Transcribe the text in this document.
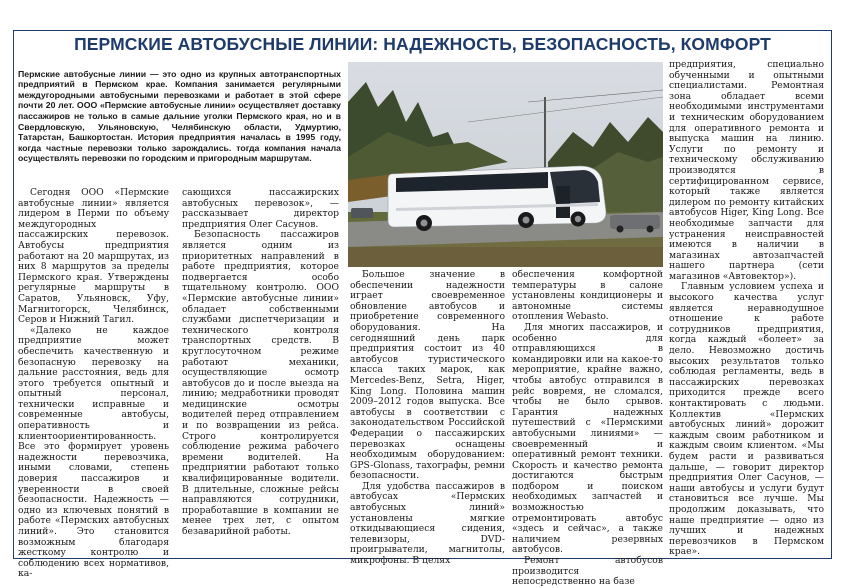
ПЕРМСКИЕ АВТОБУСНЫЕ ЛИНИИ: НАДЕЖНОСТЬ, БЕЗОПАСНОСТЬ, КОМФОРТ

Пермские автобусные линии — это одно из крупных автотранспортных предприятий в Пермском крае. Компания занимается регулярными междугородными автобусными перевозками и работает в этой сфере почти 20 лет. ООО «Пермские автобусные линии» осуществляет доставку пассажиров не только в самые дальние уголки Пермского края, но и в Свердловскую, Ульяновскую, Челябинскую области, Удмуртию, Татарстан, Башкортостан. История предприятия началась в 1995 году, когда частные перевозки только зарождались. тогда компания начала осуществлять перевозки по городским и пригородным маршрутам.

Сегодня ООО «Пермские автобусные линии» является лидером в Перми по объему междугородных пассажирских перевозок. Автобусы предприятия работают на 20 маршрутах, из них 8 маршрутов за пределы Пермского края. Утверждены регулярные маршруты в Саратов, Ульяновск, Уфу, Магнитогорск, Челябинск, Серов и Нижний Тагил.

«Далеко не каждое предприятие может обеспечить качественную и безопасную перевозку на дальние расстояния, ведь для этого требуется опытный и опытный персонал, технически исправные и современные автобусы, оперативность и клиентоориентированность. Все это формирует уровень надежности перевозчика, иными словами, степень доверия пассажиров и уверенности в своей безопасности. Надежность — одно из ключевых понятий в работе «Пермских автобусных линий». Это становится возможным благодаря жесткому контролю и соблюдению всех нормативов, ка-

сающихся пассажирских автобусных перевозок», — рассказывает директор предприятия Олег Сасунов.

Безопасность пассажиров является одним из приоритетных направлений в работе предприятия, которое подвергается особо тщательному контролю. ООО «Пермские автобусные линии» обладает собственными службами диспетчеризации и технического контроля транспортных средств. В круглосуточном режиме работают механики, осуществляющие осмотр автобусов до и после выезда на линию; медработники проводят медицинские осмотры водителей перед отправлением и по возвращении из рейса. Строго контролируется соблюдение режима рабочего времени водителей. На предприятии работают только квалифицированные водители. В длительные, сложные рейсы направляются сотрудники, проработавшие в компании не менее трех лет, с опытом безаварийной работы.

Большое значение в обеспечении надежности играет своевременное обновление автобусов и приобретение современного оборудования. На сегодняшний день парк предприятия состоит из 40 автобусов туристического класса таких марок, как Mercedes-Benz, Setra, Higer, King Long. Половина машин 2009–2012 годов выпуска. Все автобусы в соответствии с законодательством Российской Федерации о пассажирских перевозках оснащены необходимым оборудованием: GPS-Glonass, тахографы, ремни безопасности.

Для удобства пассажиров в автобусах «Пермских автобусных линий» установлены мягкие откидывающиеся сидения, телевизоры, DVD-проигрыватели, магнитолы, микрофоны. В целях

обеспечения комфортной температуры в салоне установлены кондиционеры и автономные системы отопления Webasto.

Для многих пассажиров, и особенно для отправляющихся в командировки или на какое-то мероприятие, крайне важно, чтобы автобус отправился в рейс вовремя, не сломался, чтобы не было срывов. Гарантия надежных путешествий с «Пермскими автобусными линиями» — своевременный и оперативный ремонт техники. Скорость и качество ремонта достигаются быстрым подбором и поиском необходимых запчастей и возможностью отремонтировать автобус «здесь и сейчас», а также наличием резервных автобусов.

Ремонт автобусов производится непосредственно на базе

предприятия, специально обученными и опытными специалистами. Ремонтная зона обладает всеми необходимыми инструментами и техническим оборудованием для оперативного ремонта и выпуска машин на линию. Услуги по ремонту и техническому обслуживанию производятся в сертифицированном сервисе, который также является дилером по ремонту китайских автобусов Higer, King Long. Все необходимые запчасти для устранения неисправностей имеются в наличии в магазинах автозапчастей нашего партнера (сети магазинов «Автовектор»).

Главным условием успеха и высокого качества услуг является неравнодушное отношение к работе сотрудников предприятия, когда каждый «болеет» за дело. Невозможно достичь высоких результатов только соблюдая регламенты, ведь в пассажирских перевозках приходится прежде всего контактировать с людьми. Коллектив «Пермских автобусных линий» дорожит каждым своим работником и каждым своим клиентом. «Мы будем расти и развиваться дальше, — говорит директор предприятия Олег Сасунов, — наши автобусы и услуги будут становиться все лучше. Мы продолжим доказывать, что наше предприятие — одно из лучших и надежных перевозчиков в Пермском крае».
